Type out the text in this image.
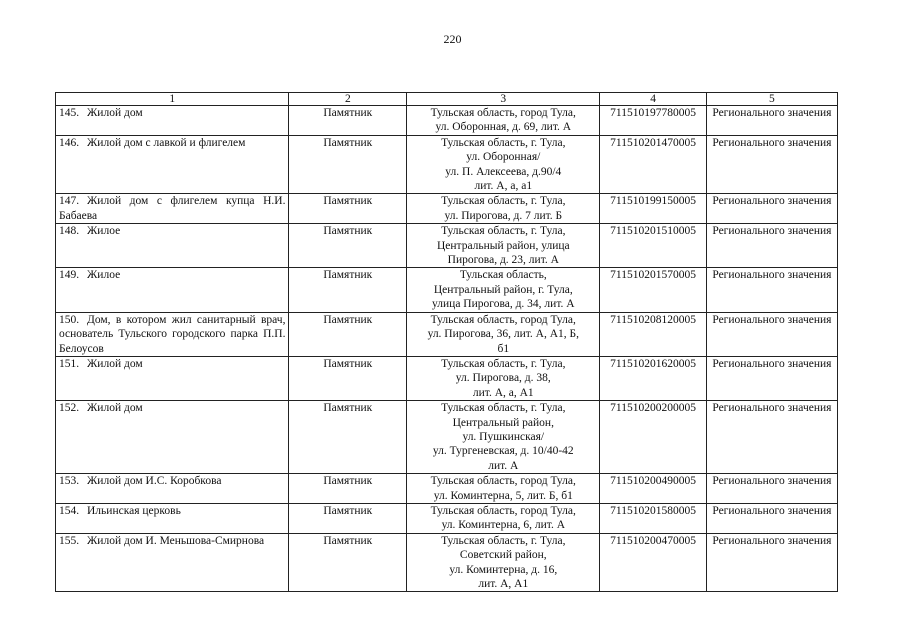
220
1	2	3	4	5
145. Жилой дом	Памятник	Тульская область, город Тула,
ул. Оборонная, д. 69, лит. А	711510197780005	Регионального значения
146. Жилой дом с лавкой и флигелем	Памятник	Тульская область, г. Тула,
ул. Оборонная/
ул. П. Алексеева, д.90/4
лит. А, а, а1	711510201470005	Регионального значения
147. Жилой дом с флигелем купца Н.И. Бабаева	Памятник	Тульская область, г. Тула,
ул. Пирогова, д. 7 лит. Б	711510199150005	Регионального значения
148. Жилое	Памятник	Тульская область, г. Тула,
Центральный район, улица
Пирогова, д. 23, лит. А	711510201510005	Регионального значения
149. Жилое	Памятник	Тульская область,
Центральный район, г. Тула,
улица Пирогова, д. 34, лит. А	711510201570005	Регионального значения
150. Дом, в котором жил санитарный врач, основатель Тульского городского парка П.П. Белоусов	Памятник	Тульская область, город Тула,
ул. Пирогова, 36, лит. А, А1, Б,
б1	711510208120005	Регионального значения
151. Жилой дом	Памятник	Тульская область, г. Тула,
ул. Пирогова, д. 38,
лит. А, а, А1	711510201620005	Регионального значения
152. Жилой дом	Памятник	Тульская область, г. Тула,
Центральный район,
ул. Пушкинская/
ул. Тургеневская, д. 10/40-42
лит. А	711510200200005	Регионального значения
153. Жилой дом И.С. Коробкова	Памятник	Тульская область, город Тула,
ул. Коминтерна, 5, лит. Б, б1	711510200490005	Регионального значения
154. Ильинская церковь	Памятник	Тульская область, город Тула,
ул. Коминтерна, 6, лит. А	711510201580005	Регионального значения
155. Жилой дом И. Меньшова-Смирнова	Памятник	Тульская область, г. Тула,
Советский район,
ул. Коминтерна, д. 16,
лит. А, А1	711510200470005	Регионального значения
